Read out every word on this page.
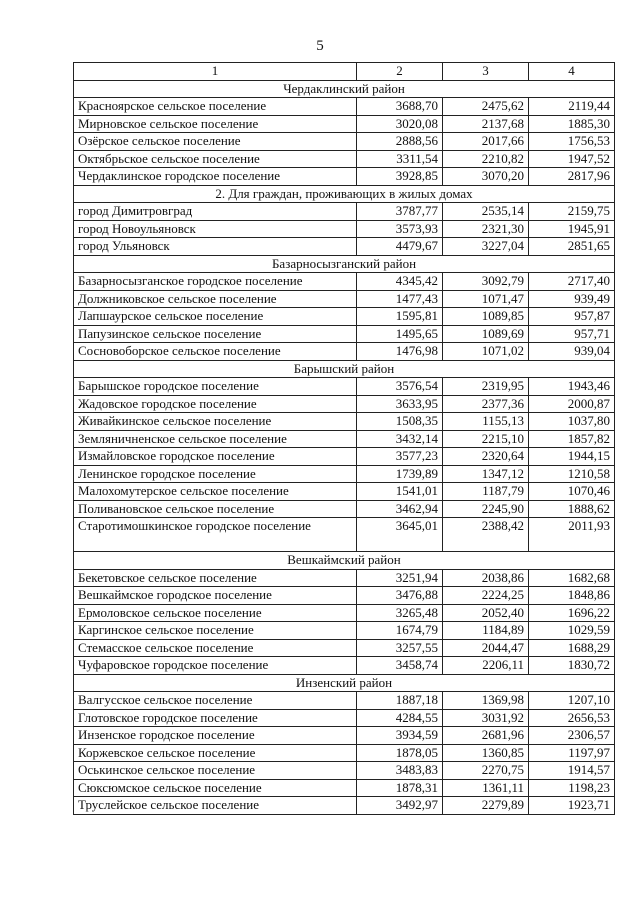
5
1	2	3	4
Чердаклинский район			
Красноярское сельское поселение	3688,70	2475,62	2119,44
Мирновское сельское поселение	3020,08	2137,68	1885,30
Озёрское сельское поселение	2888,56	2017,66	1756,53
Октябрьское сельское поселение	3311,54	2210,82	1947,52
Чердаклинское городское поселение	3928,85	3070,20	2817,96
2. Для граждан, проживающих в жилых домах			
город Димитровград	3787,77	2535,14	2159,75
город Новоульяновск	3573,93	2321,30	1945,91
город Ульяновск	4479,67	3227,04	2851,65
Базарносызганский район			
Базарносызганское городское поселение	4345,42	3092,79	2717,40
Должниковское сельское поселение	1477,43	1071,47	939,49
Лапшаурское сельское поселение	1595,81	1089,85	957,87
Папузинское сельское поселение	1495,65	1089,69	957,71
Сосновоборское сельское поселение	1476,98	1071,02	939,04
Барышский район			
Барышское городское поселение	3576,54	2319,95	1943,46
Жадовское городское поселение	3633,95	2377,36	2000,87
Живайкинское сельское поселение	1508,35	1155,13	1037,80
Земляничненское сельское поселение	3432,14	2215,10	1857,82
Измайловское городское поселение	3577,23	2320,64	1944,15
Ленинское городское поселение	1739,89	1347,12	1210,58
Малохомутерское сельское поселение	1541,01	1187,79	1070,46
Поливановское сельское поселение	3462,94	2245,90	1888,62
Старотимошкинское городское поселение	3645,01	2388,42	2011,93
Вешкаймский район			
Бекетовское сельское поселение	3251,94	2038,86	1682,68
Вешкаймское городское поселение	3476,88	2224,25	1848,86
Ермоловское сельское поселение	3265,48	2052,40	1696,22
Каргинское сельское поселение	1674,79	1184,89	1029,59
Стемасское сельское поселение	3257,55	2044,47	1688,29
Чуфаровское городское поселение	3458,74	2206,11	1830,72
Инзенский район			
Валгусское сельское поселение	1887,18	1369,98	1207,10
Глотовское городское поселение	4284,55	3031,92	2656,53
Инзенское городское поселение	3934,59	2681,96	2306,57
Коржевское сельское поселение	1878,05	1360,85	1197,97
Оськинское сельское поселение	3483,83	2270,75	1914,57
Сюксюмское сельское поселение	1878,31	1361,11	1198,23
Труслейское сельское поселение	3492,97	2279,89	1923,71
